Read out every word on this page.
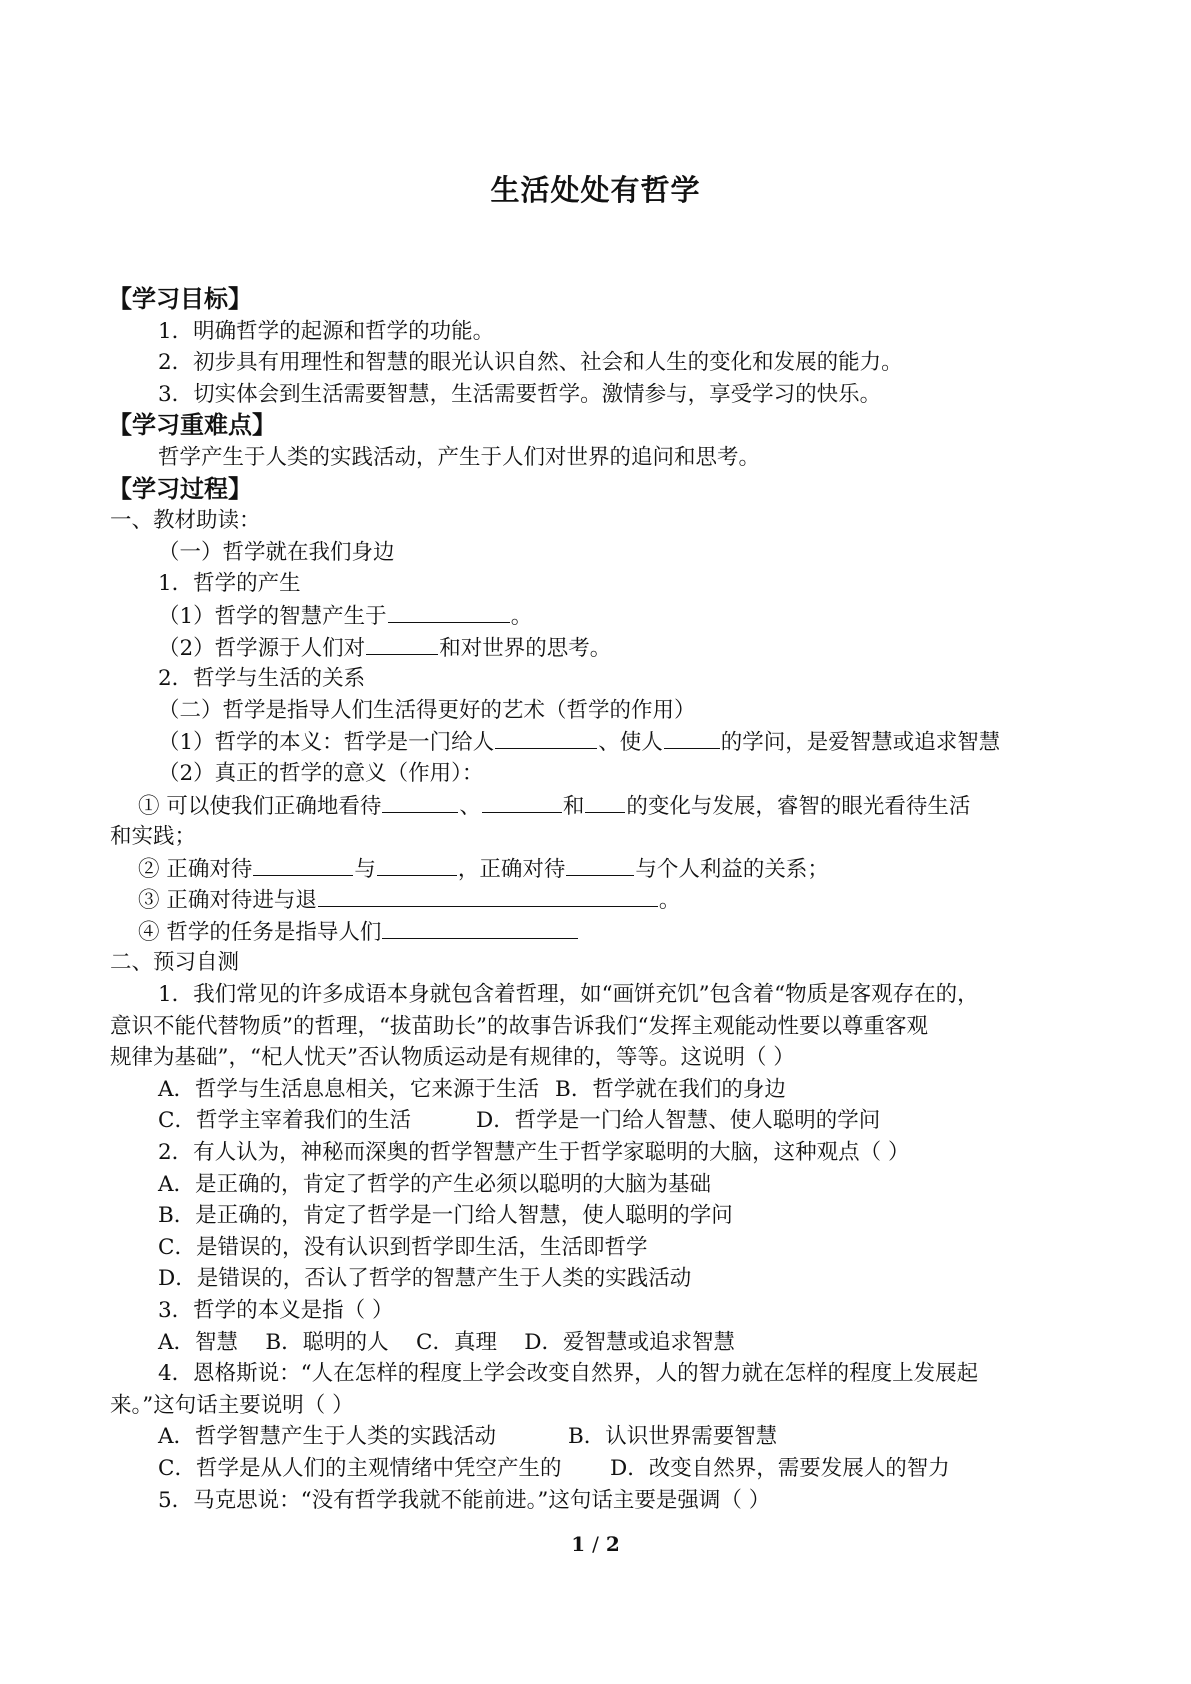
生活处处有哲学
【学习目标】
1．明确哲学的起源和哲学的功能。
2．初步具有用理性和智慧的眼光认识自然、社会和人生的变化和发展的能力。
3．切实体会到生活需要智慧，生活需要哲学。激情参与，享受学习的快乐。
【学习重难点】
哲学产生于人类的实践活动，产生于人们对世界的追问和思考。
【学习过程】
一、教材助读：
（一）哲学就在我们身边
1．哲学的产生
（1）哲学的智慧产生于	。
（2）哲学源于人们对	和对世界的思考。
2．哲学与生活的关系
（二）哲学是指导人们生活得更好的艺术（哲学的作用）
（1）哲学的本义：哲学是一门给人	、使人	的学问，是爱智慧或追求智慧
（2）真正的哲学的意义（作用）：
① 可以使我们正确地看待	、	和 的变化与发展，睿智的眼光看待生活
和实践；
② 正确对待	与	，正确对待	与个人利益的关系；
③ 正确对待进与退	。
④ 哲学的任务是指导人们
二、预习自测
1．我们常见的许多成语本身就包含着哲理，如“画饼充饥”包含着“物质是客观存在的，
意识不能代替物质”的哲理，“拔苗助长”的故事告诉我们“发挥主观能动性要以尊重客观
规律为基础”，“杞人忧天”否认物质运动是有规律的，等等。这说明（ ）
A．哲学与生活息息相关，它来源于生活 B．哲学就在我们的身边
C．哲学主宰着我们的生活	D．哲学是一门给人智慧、使人聪明的学问
2．有人认为，神秘而深奥的哲学智慧产生于哲学家聪明的大脑，这种观点（ ）
A．是正确的，肯定了哲学的产生必须以聪明的大脑为基础
B．是正确的，肯定了哲学是一门给人智慧，使人聪明的学问
C．是错误的，没有认识到哲学即生活，生活即哲学
D．是错误的，否认了哲学的智慧产生于人类的实践活动
3．哲学的本义是指（ ）
A．智慧    B．聪明的人    C．真理    D．爱智慧或追求智慧
4．恩格斯说：“人在怎样的程度上学会改变自然界，人的智力就在怎样的程度上发展起
来。”这句话主要说明（ ）
A．哲学智慧产生于人类的实践活动	B．认识世界需要智慧
C．哲学是从人们的主观情绪中凭空产生的 D．改变自然界，需要发展人的智力
5．马克思说：“没有哲学我就不能前进。”这句话主要是强调（ ）
1 / 2
